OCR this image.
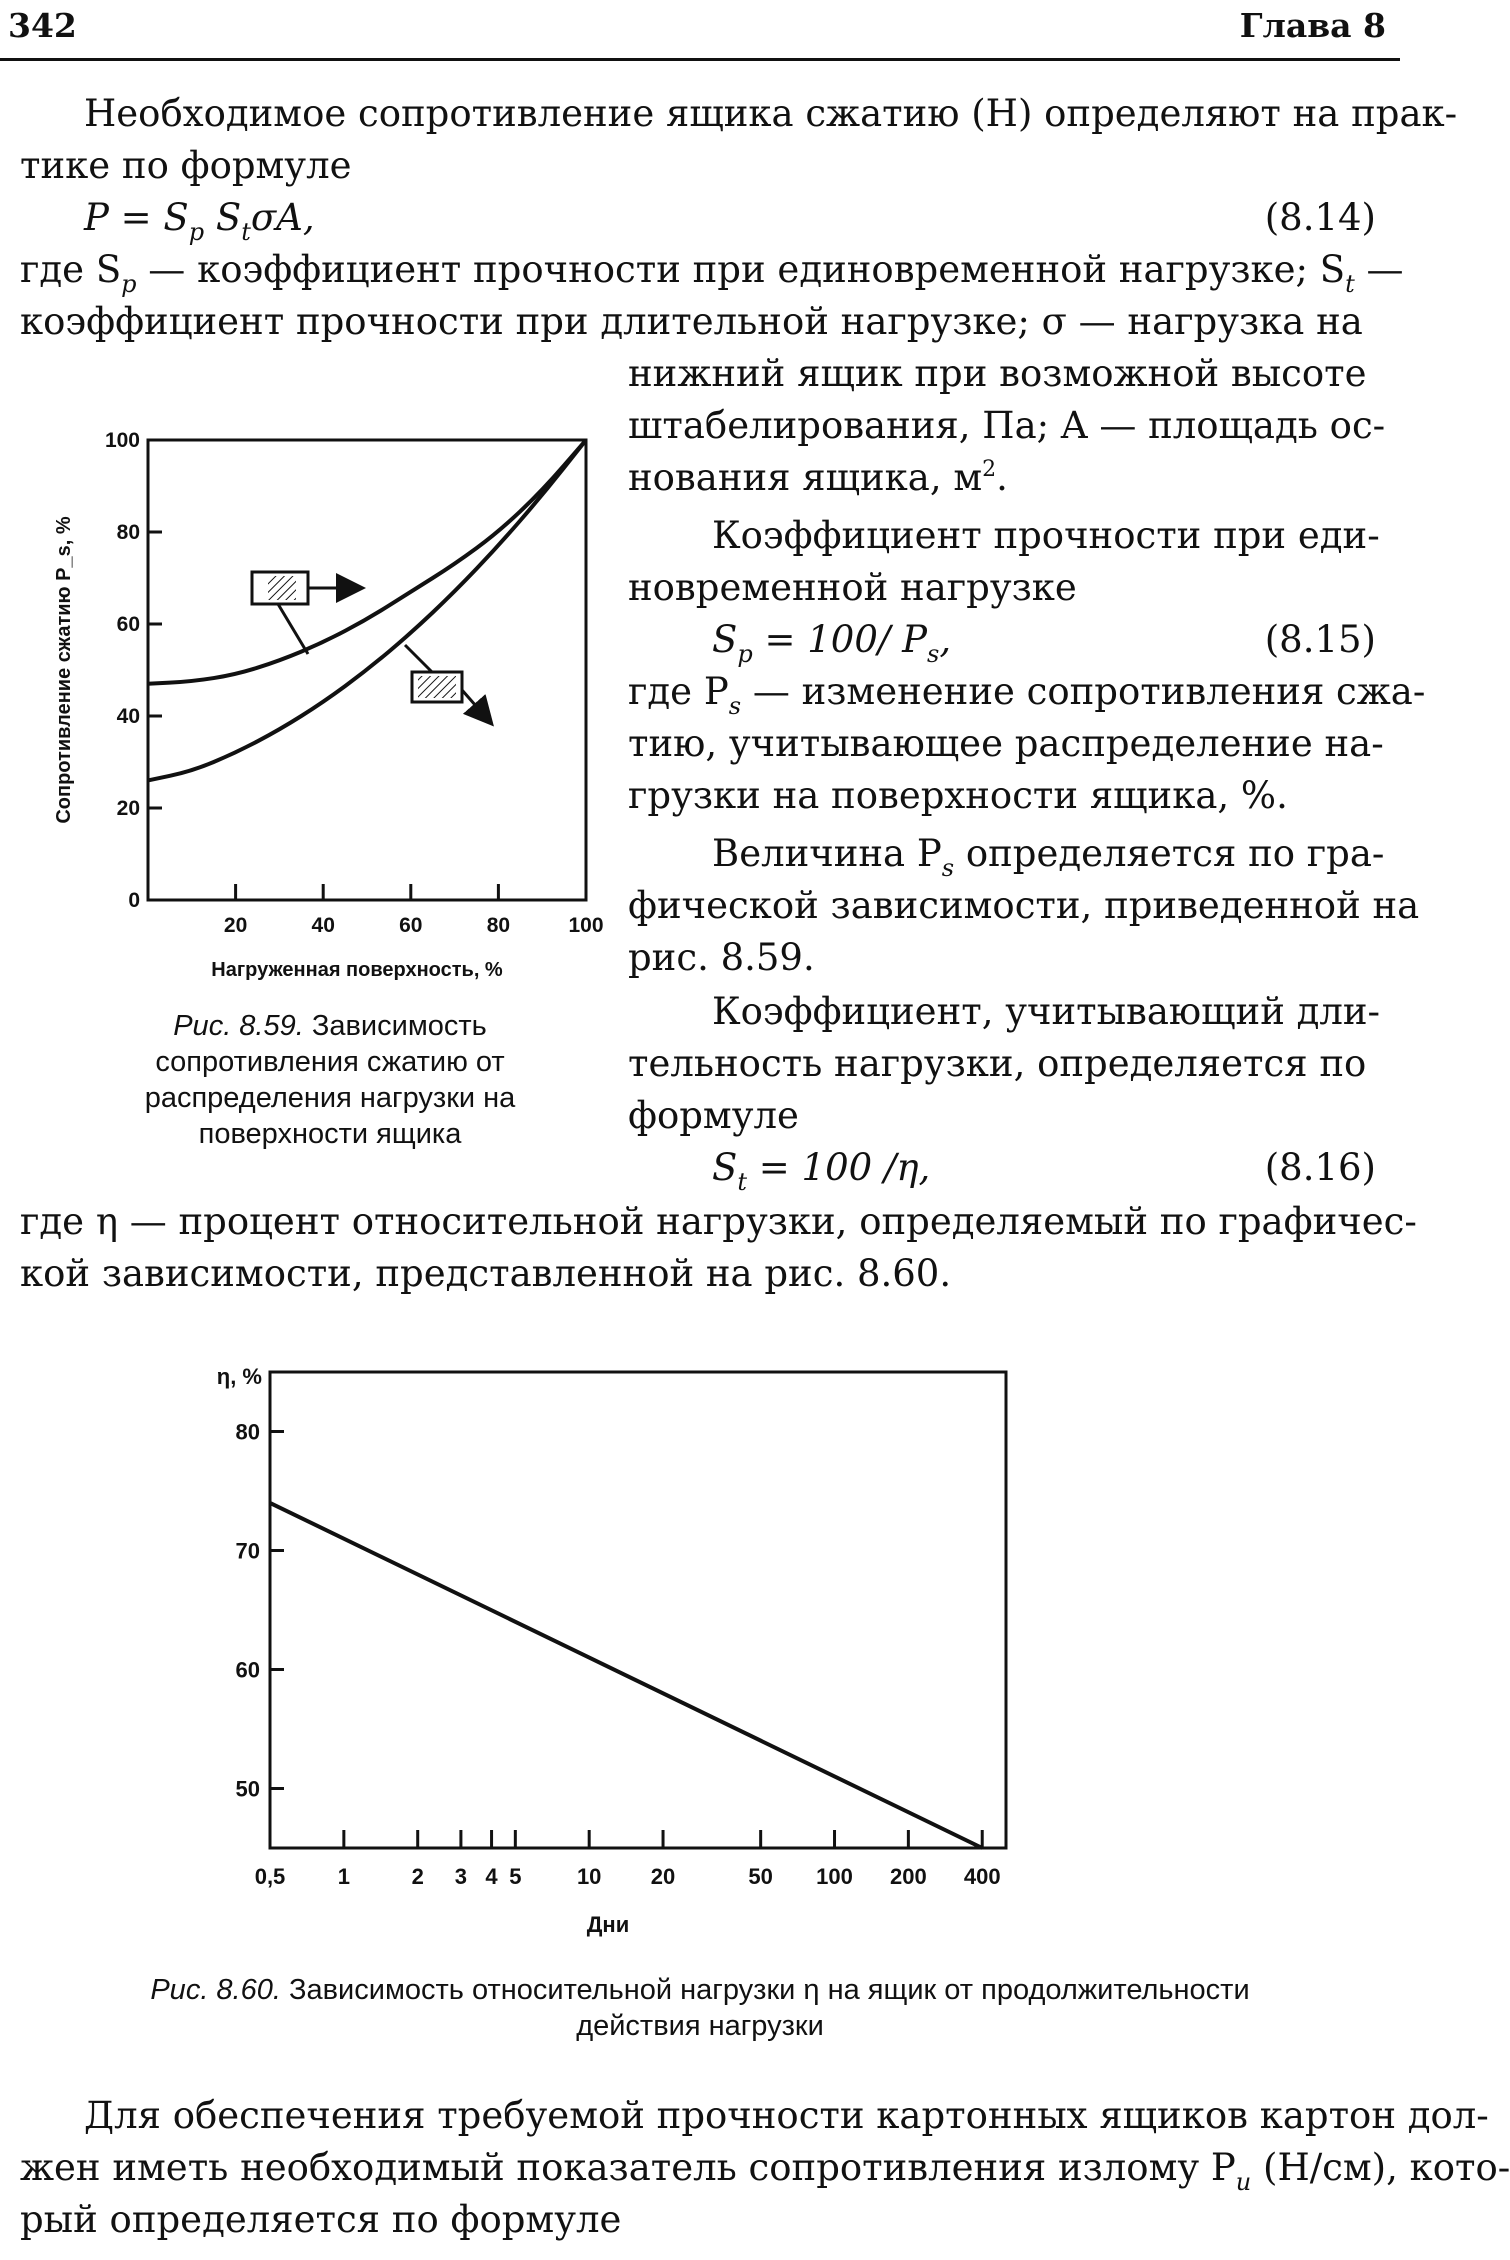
342	Глава 8
Необходимое сопротивление ящика сжатию (Н) определяют на прак-
тике по формуле
$P = S_p$ $S_t\sigma A$,	(8.14)
где $S_p$ — коэффициент прочности при единовременной нагрузке; $S_t$ —
коэффициент прочности при длительной нагрузке; σ — нагрузка на
нижний ящик при возможной высоте
штабелирования, Па; A — площадь ос-
нования ящика, $м^2$.
Коэффициент прочности при еди-
новременной нагрузке
$S_p = 100/$ $P_s$,	(8.15)
где $P_s$ — изменение сопротивления сжа-
тию, учитывающее распределение на-
грузки на поверхности ящика, %.
Величина $P_s$ определяется по гра-
фической зависимости, приведенной на
рис. 8.59.
Коэффициент, учитывающий дли-
тельность нагрузки, определяется по
формуле
$S_t = 100$ /η,	(8.16)
где η — процент относительной нагрузки, определяемый по графичес-
кой зависимости, представленной на рис. 8.60.
0
20
40
60
80
100
20	40	60	80	100
Нагруженная поверхность, %
Сопротивление сжатию P_s, %
Рис. 8.59. Зависимость
сопротивления сжатию от
распределения нагрузки на
поверхности ящика
50
60
70
80
0,5 1	2 3 4 5	10 20	50 100 200 400
Дни
η, %
Рис. 8.60. Зависимость относительной нагрузки η на ящик от продолжительности
действия нагрузки
Для обеспечения требуемой прочности картонных ящиков картон дол-
жен иметь необходимый показатель сопротивления излому $P_и$ (Н/см), кото-
рый определяется по формуле
